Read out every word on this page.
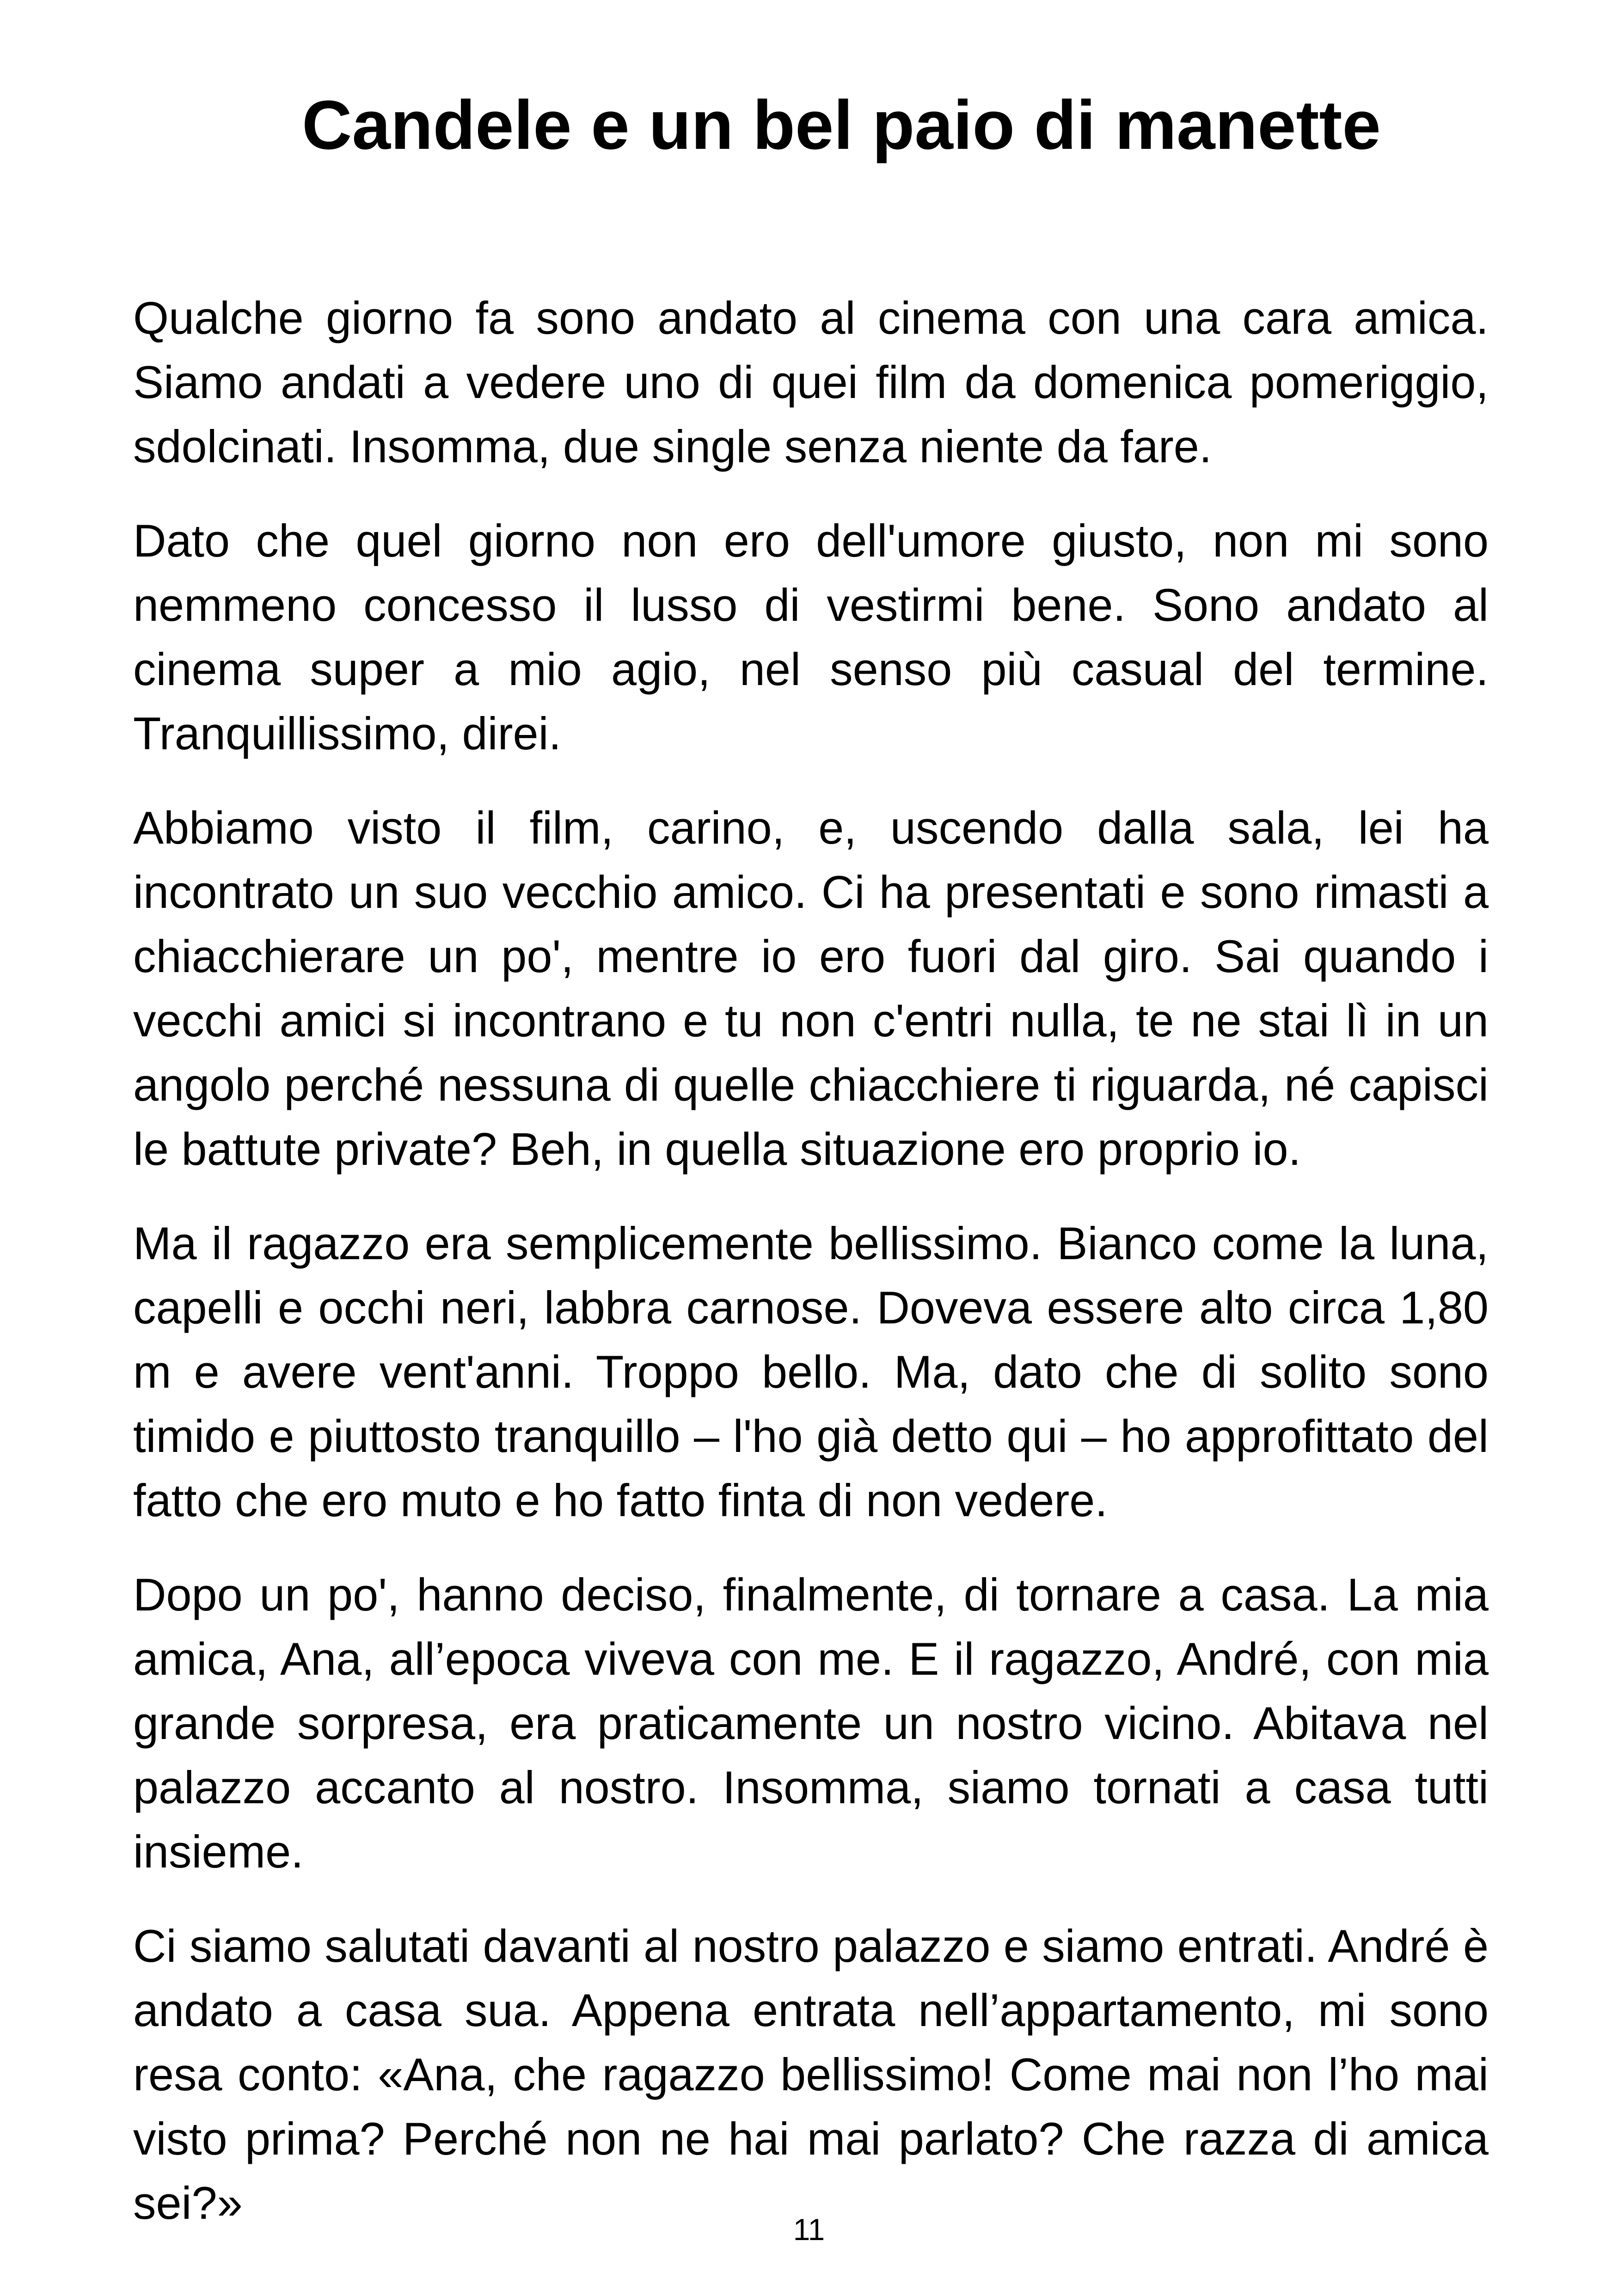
Candele e un bel paio di manette

Qualche giorno fa sono andato al cinema con una cara amica. Siamo andati a vedere uno di quei film da domenica pomeriggio, sdolcinati. Insomma, due single senza niente da fare.

Dato che quel giorno non ero dell'umore giusto, non mi sono nemmeno concesso il lusso di vestirmi bene. Sono andato al cinema super a mio agio, nel senso più casual del termine. Tranquillissimo, direi.

Abbiamo visto il film, carino, e, uscendo dalla sala, lei ha incontrato un suo vecchio amico. Ci ha presentati e sono rimasti a chiacchierare un po', mentre io ero fuori dal giro. Sai quando i vecchi amici si incontrano e tu non c'entri nulla, te ne stai lì in un angolo perché nessuna di quelle chiacchiere ti riguarda, né capisci le battute private? Beh, in quella situazione ero proprio io.

Ma il ragazzo era semplicemente bellissimo. Bianco come la luna, capelli e occhi neri, labbra carnose. Doveva essere alto circa 1,80 m e avere vent'anni. Troppo bello. Ma, dato che di solito sono timido e piuttosto tranquillo – l'ho già detto qui – ho approfittato del fatto che ero muto e ho fatto finta di non vedere.

Dopo un po', hanno deciso, finalmente, di tornare a casa. La mia amica, Ana, all’epoca viveva con me. E il ragazzo, André, con mia grande sorpresa, era praticamente un nostro vicino. Abitava nel palazzo accanto al nostro. Insomma, siamo tornati a casa tutti insieme.

Ci siamo salutati davanti al nostro palazzo e siamo entrati. André è andato a casa sua. Appena entrata nell’appartamento, mi sono resa conto: «Ana, che ragazzo bellissimo! Come mai non l’ho mai visto prima? Perché non ne hai mai parlato? Che razza di amica sei?»

11
